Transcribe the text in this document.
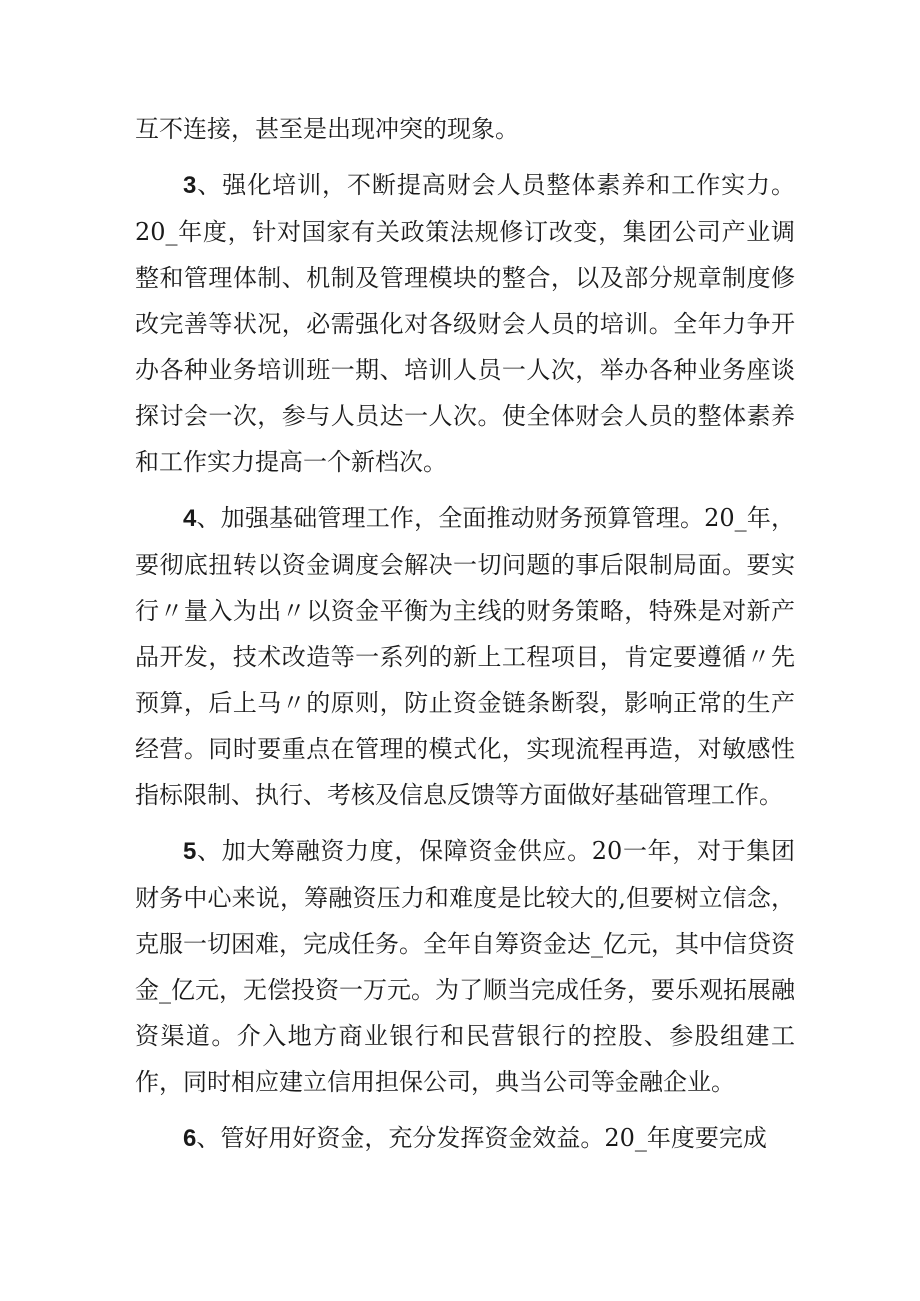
互不连接，甚至是出现冲突的现象。

3、强化培训，不断提高财会人员整体素养和工作实力。20_年度，针对国家有关政策法规修订改变，集团公司产业调整和管理体制、机制及管理模块的整合，以及部分规章制度修改完善等状况，必需强化对各级财会人员的培训。全年力争开办各种业务培训班一期、培训人员一人次，举办各种业务座谈探讨会一次，参与人员达一人次。使全体财会人员的整体素养和工作实力提高一个新档次。

4、加强基础管理工作，全面推动财务预算管理。20_年，要彻底扭转以资金调度会解决一切问题的事后限制局面。要实行〃量入为出〃以资金平衡为主线的财务策略，特殊是对新产品开发，技术改造等一系列的新上工程项目，肯定要遵循〃先预算，后上马〃的原则，防止资金链条断裂，影响正常的生产经营。同时要重点在管理的模式化，实现流程再造，对敏感性指标限制、执行、考核及信息反馈等方面做好基础管理工作。

5、加大筹融资力度，保障资金供应。20一年，对于集团财务中心来说，筹融资压力和难度是比较大的,但要树立信念，克服一切困难，完成任务。全年自筹资金达_亿元，其中信贷资金_亿元，无偿投资一万元。为了顺当完成任务，要乐观拓展融资渠道。介入地方商业银行和民营银行的控股、参股组建工作，同时相应建立信用担保公司，典当公司等金融企业。

6、管好用好资金，充分发挥资金效益。20_年度要完成
